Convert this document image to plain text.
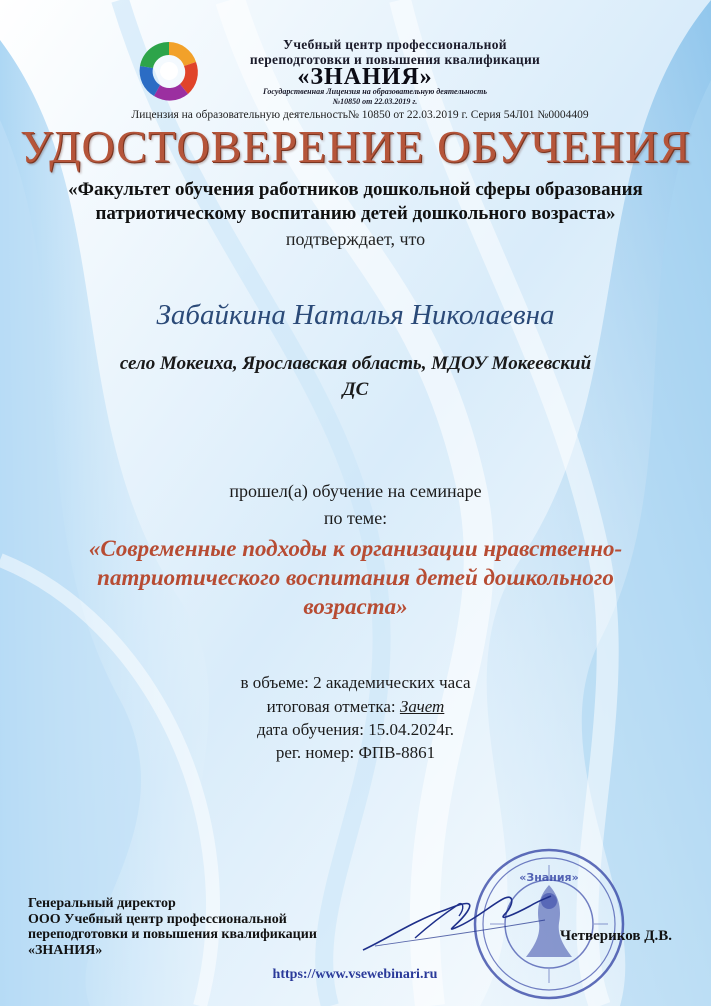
Учебный центр профессиональной
переподготовки и повышения квалификации
«ЗНАНИЯ»
Государственная Лицензия на образовательную деятельность
№10850 от 22.03.2019 г.
Лицензия на образовательную деятельность№ 10850 от 22.03.2019 г. Серия 54Л01 №0004409
УДОСТОВЕРЕНИЕ ОБУЧЕНИЯ
«Факультет обучения работников дошкольной сферы образования
патриотическому воспитанию детей дошкольного возраста»
подтверждает, что
Забайкина Наталья Николаевна
село Мокеиха, Ярославская область, МДОУ Мокеевский
ДС
прошел(а) обучение на семинаре
по теме:
«Современные подходы к организации нравственно-
патриотического воспитания детей дошкольного
возраста»
в объеме: 2 академических часа
итоговая отметка: Зачет
дата обучения: 15.04.2024г.
рег. номер: ФПВ-8861
«Знания»
Генеральный директор
ООО Учебный центр профессиональной
переподготовки и повышения квалификации
«ЗНАНИЯ»
Четвериков Д.В.
https://www.vsewebinari.ru
